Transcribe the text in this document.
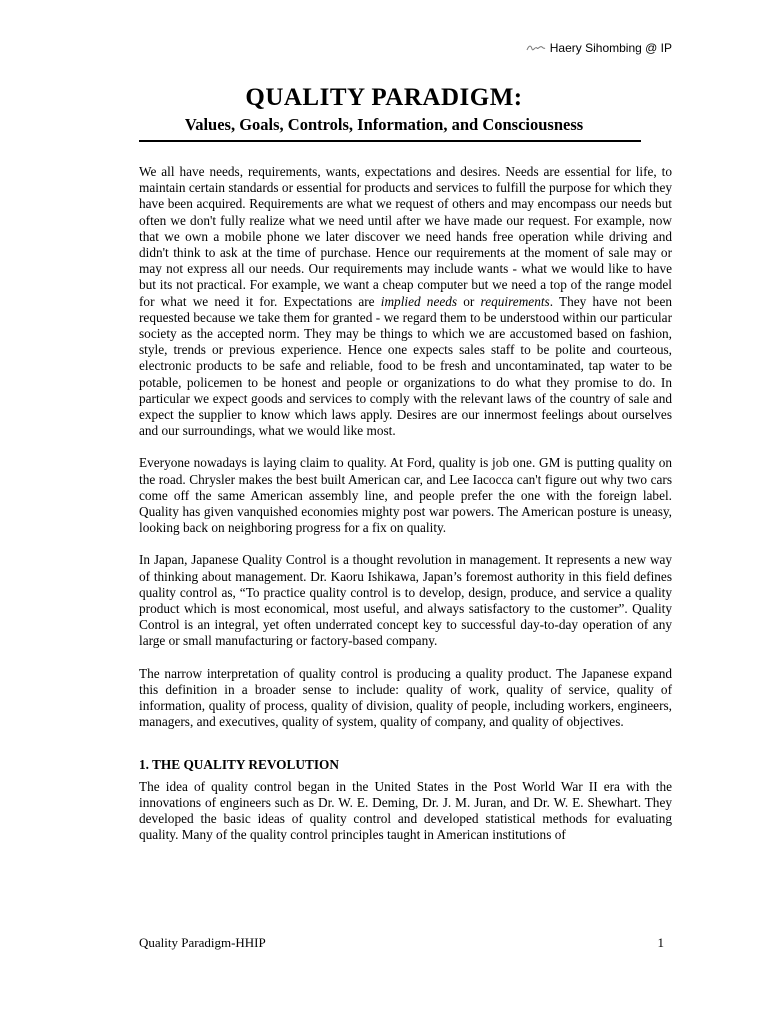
Haery Sihombing @ IP
QUALITY PARADIGM:
Values, Goals, Controls, Information, and Consciousness

We all have needs, requirements, wants, expectations and desires. Needs are essential for life, to maintain certain standards or essential for products and services to fulfill the purpose for which they have been acquired. Requirements are what we request of others and may encompass our needs but often we don't fully realize what we need until after we have made our request. For example, now that we own a mobile phone we later discover we need hands free operation while driving and didn't think to ask at the time of purchase. Hence our requirements at the moment of sale may or may not express all our needs. Our requirements may include wants - what we would like to have but its not practical. For example, we want a cheap computer but we need a top of the range model for what we need it for. Expectations are implied needs or requirements. They have not been requested because we take them for granted - we regard them to be understood within our particular society as the accepted norm. They may be things to which we are accustomed based on fashion, style, trends or previous experience. Hence one expects sales staff to be polite and courteous, electronic products to be safe and reliable, food to be fresh and uncontaminated, tap water to be potable, policemen to be honest and people or organizations to do what they promise to do. In particular we expect goods and services to comply with the relevant laws of the country of sale and expect the supplier to know which laws apply. Desires are our innermost feelings about ourselves and our surroundings, what we would like most.

Everyone nowadays is laying claim to quality. At Ford, quality is job one. GM is putting quality on the road. Chrysler makes the best built American car, and Lee Iacocca can't figure out why two cars come off the same American assembly line, and people prefer the one with the foreign label. Quality has given vanquished economies mighty post war powers. The American posture is uneasy, looking back on neighboring progress for a fix on quality.

In Japan, Japanese Quality Control is a thought revolution in management. It represents a new way of thinking about management. Dr. Kaoru Ishikawa, Japan’s foremost authority in this field defines quality control as, “To practice quality control is to develop, design, produce, and service a quality product which is most economical, most useful, and always satisfactory to the customer”. Quality Control is an integral, yet often underrated concept key to successful day-to-day operation of any large or small manufacturing or factory-based company.

The narrow interpretation of quality control is producing a quality product. The Japanese expand this definition in a broader sense to include: quality of work, quality of service, quality of information, quality of process, quality of division, quality of people, including workers, engineers, managers, and executives, quality of system, quality of company, and quality of objectives.

1. THE QUALITY REVOLUTION

The idea of quality control began in the United States in the Post World War II era with the innovations of engineers such as Dr. W. E. Deming, Dr. J. M. Juran, and Dr. W. E. Shewhart. They developed the basic ideas of quality control and developed statistical methods for evaluating quality. Many of the quality control principles taught in American institutions of

Quality Paradigm-HHIP	1
